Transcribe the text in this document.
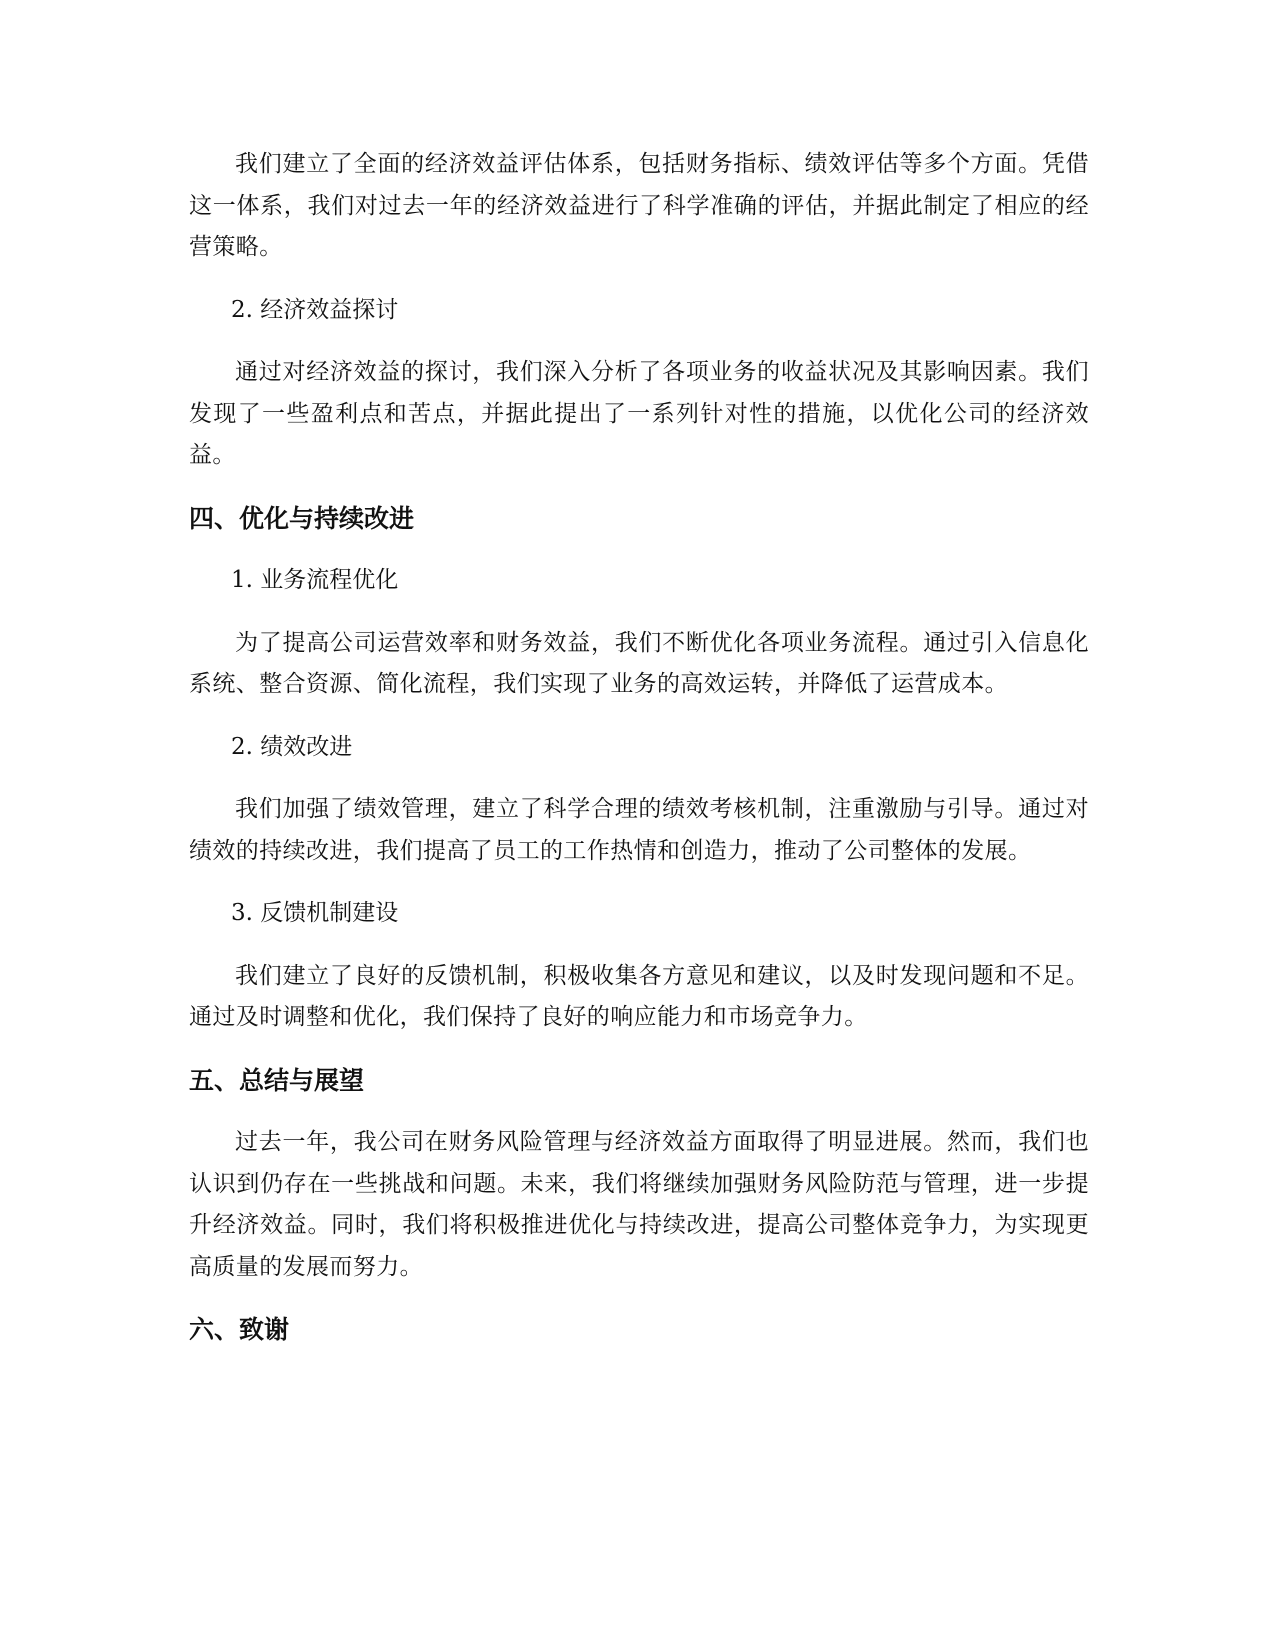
我们建立了全面的经济效益评估体系，包括财务指标、绩效评估等多个方面。凭借这一体系，我们对过去一年的经济效益进行了科学准确的评估，并据此制定了相应的经营策略。

2. 经济效益探讨

通过对经济效益的探讨，我们深入分析了各项业务的收益状况及其影响因素。我们发现了一些盈利点和苦点，并据此提出了一系列针对性的措施，以优化公司的经济效益。

四、优化与持续改进

1. 业务流程优化

为了提高公司运营效率和财务效益，我们不断优化各项业务流程。通过引入信息化系统、整合资源、简化流程，我们实现了业务的高效运转，并降低了运营成本。

2. 绩效改进

我们加强了绩效管理，建立了科学合理的绩效考核机制，注重激励与引导。通过对绩效的持续改进，我们提高了员工的工作热情和创造力，推动了公司整体的发展。

3. 反馈机制建设

我们建立了良好的反馈机制，积极收集各方意见和建议，以及时发现问题和不足。通过及时调整和优化，我们保持了良好的响应能力和市场竞争力。

五、总结与展望

过去一年，我公司在财务风险管理与经济效益方面取得了明显进展。然而，我们也认识到仍存在一些挑战和问题。未来，我们将继续加强财务风险防范与管理，进一步提升经济效益。同时，我们将积极推进优化与持续改进，提高公司整体竞争力，为实现更高质量的发展而努力。

六、致谢
